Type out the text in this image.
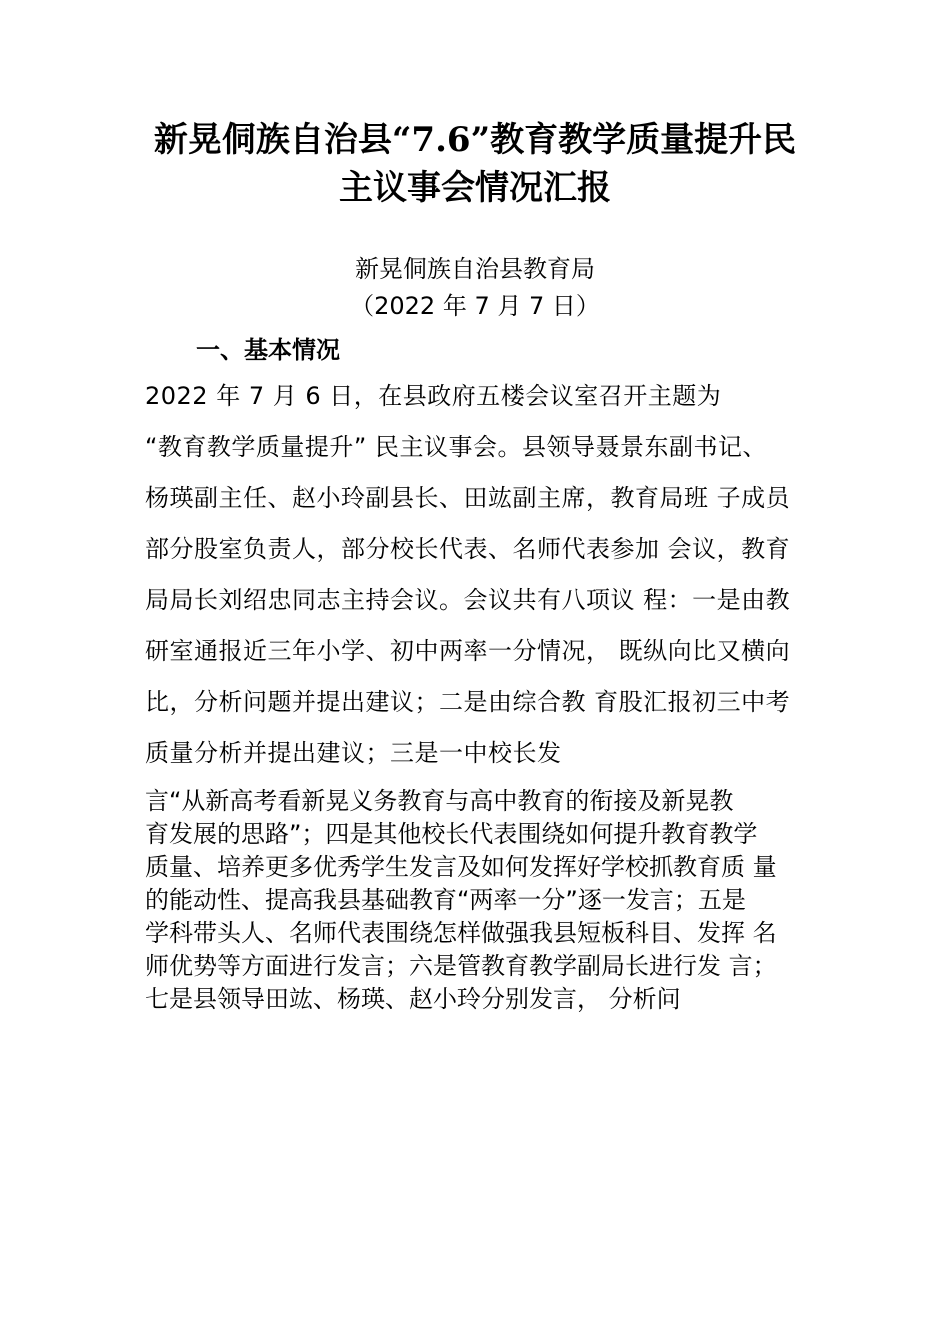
新晃侗族自治县“7.6”教育教学质量提升民
主议事会情况汇报
新晃侗族自治县教育局
（2022 年 7 月 7 日）
一、基本情况
2022 年 7 月 6 日，在县政府五楼会议室召开主题为
“教育教学质量提升” 民主议事会。县领导聂景东副书记、
杨瑛副主任、赵小玲副县长、田竑副主席，教育局班 子成员
部分股室负责人，部分校长代表、名师代表参加 会议，教育
局局长刘绍忠同志主持会议。会议共有八项议 程：一是由教
研室通报近三年小学、初中两率一分情况， 既纵向比又横向
比，分析问题并提出建议；二是由综合教 育股汇报初三中考
质量分析并提出建议；三是一中校长发
言“从新高考看新晃义务教育与高中教育的衔接及新晃教
育发展的思路”；四是其他校长代表围绕如何提升教育教学
质量、培养更多优秀学生发言及如何发挥好学校抓教育质 量
的能动性、提高我县基础教育“两率一分”逐一发言；五是
学科带头人、名师代表围绕怎样做强我县短板科目、发挥 名
师优势等方面进行发言；六是管教育教学副局长进行发 言；
七是县领导田竑、杨瑛、赵小玲分别发言， 分析问
